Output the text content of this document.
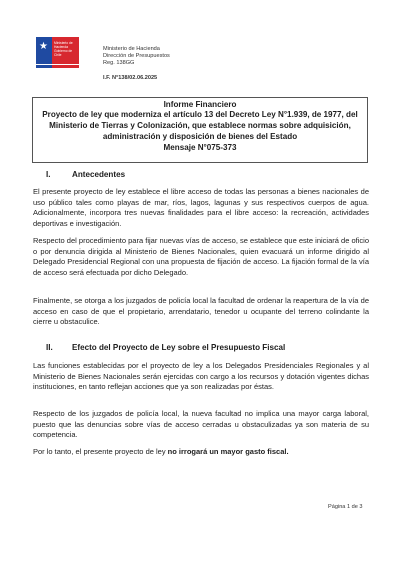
★ Ministerio de
Hacienda
Gobierno de Chile
Ministerio de Hacienda
Dirección de Presupuestos
Reg. 138GG
I.F. N°138/02.06.2025
Informe Financiero
Proyecto de ley que moderniza el artículo 13 del Decreto Ley N°1.939, de 1977, del Ministerio de Tierras y Colonización, que establece normas sobre adquisición, administración y disposición de bienes del Estado
Mensaje N°075-373
I.	Antecedentes

El presente proyecto de ley establece el libre acceso de todas las personas a bienes nacionales de uso público tales como playas de mar, ríos, lagos, lagunas y sus respectivos cuerpos de agua. Adicionalmente, incorpora tres nuevas finalidades para el libre acceso: la recreación, actividades deportivas e investigación.

Respecto del procedimiento para fijar nuevas vías de acceso, se establece que este iniciará de oficio o por denuncia dirigida al Ministerio de Bienes Nacionales, quien evacuará un informe dirigido al Delegado Presidencial Regional con una propuesta de fijación de acceso. La fijación formal de la vía de acceso será efectuada por dicho Delegado.

Finalmente, se otorga a los juzgados de policía local la facultad de ordenar la reapertura de la vía de acceso en caso de que el propietario, arrendatario, tenedor u ocupante del terreno colindante la cierre u obstaculice.

II. Efecto del Proyecto de Ley sobre el Presupuesto Fiscal

Las funciones establecidas por el proyecto de ley a los Delegados Presidenciales Regionales y al Ministerio de Bienes Nacionales serán ejercidas con cargo a los recursos y dotación vigentes dichas instituciones, en tanto reflejan acciones que ya son realizadas por éstas.

Respecto de los juzgados de policía local, la nueva facultad no implica una mayor carga laboral, puesto que las denuncias sobre vías de acceso cerradas u obstaculizadas ya son materia de su competencia.

Por lo tanto, el presente proyecto de ley no irrogará un mayor gasto fiscal.

Página 1 de 3
